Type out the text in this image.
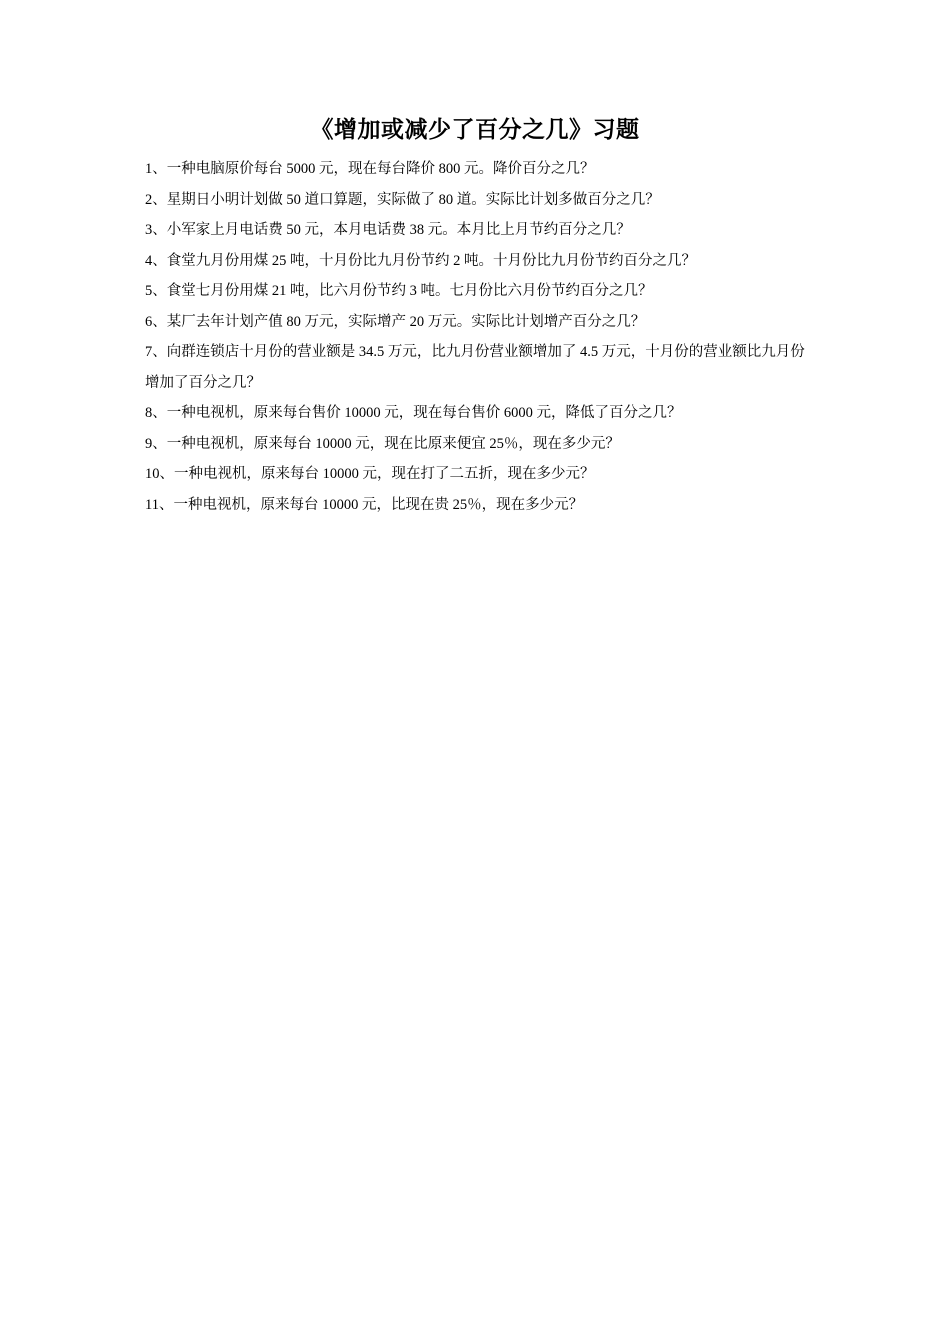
《增加或减少了百分之几》习题
1、一种电脑原价每台 5000 元，现在每台降价 800 元。降价百分之几？
2、星期日小明计划做 50 道口算题，实际做了 80 道。实际比计划多做百分之几？
3、小军家上月电话费 50 元，本月电话费 38 元。本月比上月节约百分之几？
4、食堂九月份用煤 25 吨，十月份比九月份节约 2 吨。十月份比九月份节约百分之几？
5、食堂七月份用煤 21 吨，比六月份节约 3 吨。七月份比六月份节约百分之几？
6、某厂去年计划产值 80 万元，实际增产 20 万元。实际比计划增产百分之几？
7、向群连锁店十月份的营业额是 34.5 万元，比九月份营业额增加了 4.5 万元，十月份的营业额比九月份增加了百分之几？
8、一种电视机，原来每台售价 10000 元，现在每台售价 6000 元，降低了百分之几？
9、一种电视机，原来每台 10000 元，现在比原来便宜 25％，现在多少元？
10、一种电视机，原来每台 10000 元，现在打了二五折，现在多少元？
11、一种电视机，原来每台 10000 元，比现在贵 25％，现在多少元？
